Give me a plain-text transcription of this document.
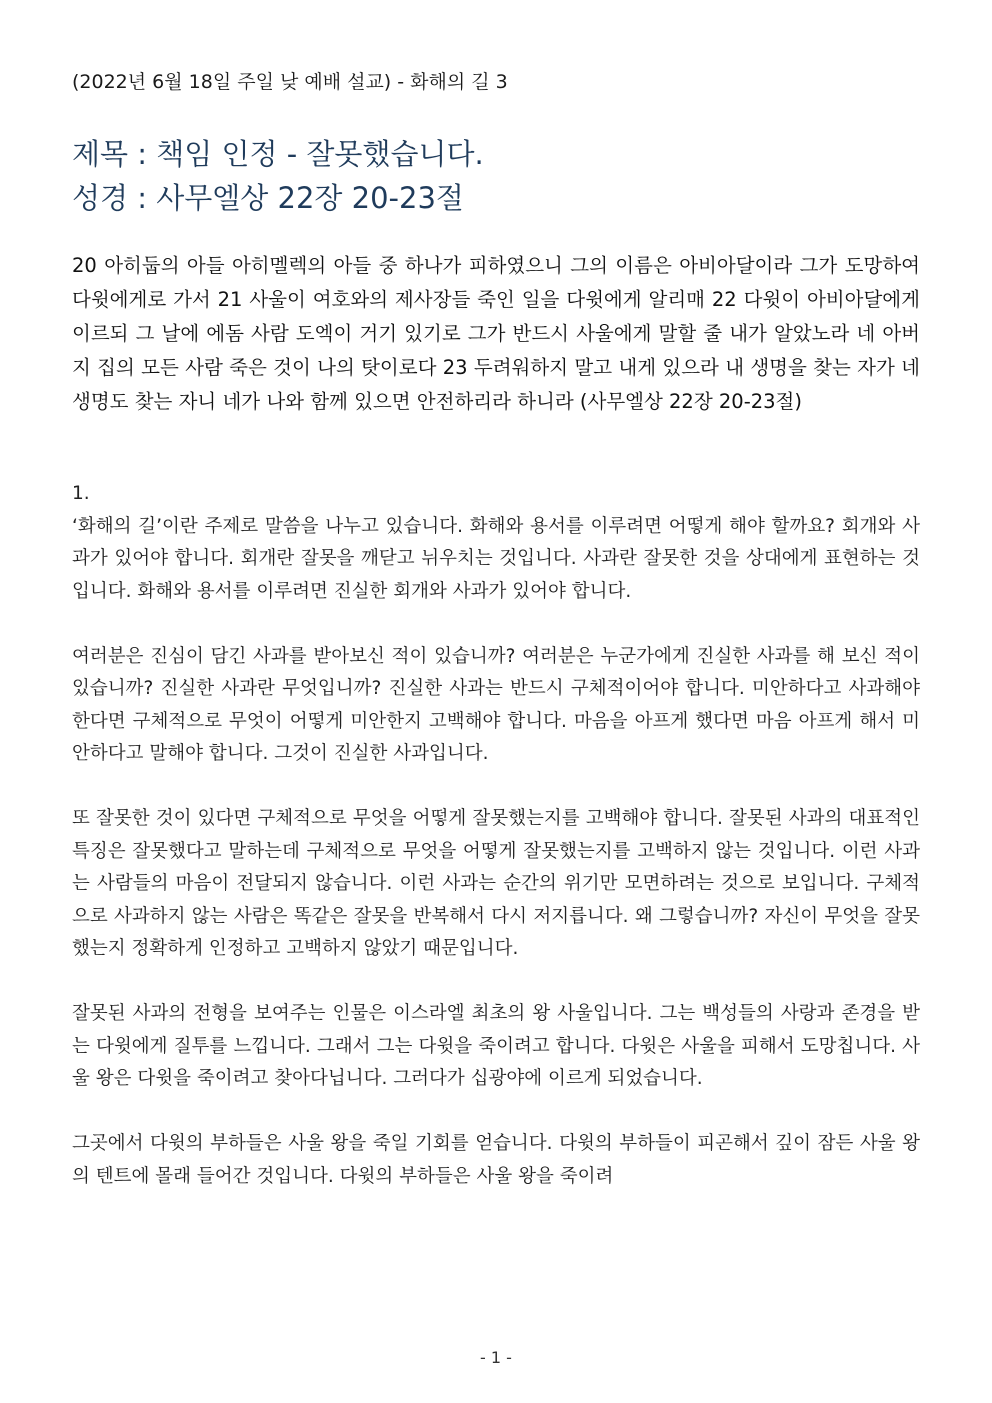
(2022년 6월 18일 주일 낮 예배 설교) - 화해의 길 3
제목 : 책임 인정 - 잘못했습니다.
성경 : 사무엘상 22장 20-23절
20 아히둡의 아들 아히멜렉의 아들 중 하나가 피하였으니 그의 이름은 아비아달이라 그가 도망하여 다윗에게로 가서 21 사울이 여호와의 제사장들 죽인 일을 다윗에게 알리매 22 다윗이 아비아달에게 이르되 그 날에 에돔 사람 도엑이 거기 있기로 그가 반드시 사울에게 말할 줄 내가 알았노라 네 아버지 집의 모든 사람 죽은 것이 나의 탓이로다 23 두려워하지 말고 내게 있으라 내 생명을 찾는 자가 네 생명도 찾는 자니 네가 나와 함께 있으면 안전하리라 하니라 (사무엘상 22장 20-23절)

1.

‘화해의 길’이란 주제로 말씀을 나누고 있습니다. 화해와 용서를 이루려면 어떻게 해야 할까요? 회개와 사과가 있어야 합니다. 회개란 잘못을 깨닫고 뉘우치는 것입니다. 사과란 잘못한 것을 상대에게 표현하는 것입니다. 화해와 용서를 이루려면 진실한 회개와 사과가 있어야 합니다.

여러분은 진심이 담긴 사과를 받아보신 적이 있습니까? 여러분은 누군가에게 진실한 사과를 해 보신 적이 있습니까? 진실한 사과란 무엇입니까? 진실한 사과는 반드시 구체적이어야 합니다. 미안하다고 사과해야 한다면 구체적으로 무엇이 어떻게 미안한지 고백해야 합니다. 마음을 아프게 했다면 마음 아프게 해서 미안하다고 말해야 합니다. 그것이 진실한 사과입니다.

또 잘못한 것이 있다면 구체적으로 무엇을 어떻게 잘못했는지를 고백해야 합니다. 잘못된 사과의 대표적인 특징은 잘못했다고 말하는데 구체적으로 무엇을 어떻게 잘못했는지를 고백하지 않는 것입니다. 이런 사과는 사람들의 마음이 전달되지 않습니다. 이런 사과는 순간의 위기만 모면하려는 것으로 보입니다. 구체적으로 사과하지 않는 사람은 똑같은 잘못을 반복해서 다시 저지릅니다. 왜 그렇습니까? 자신이 무엇을 잘못했는지 정확하게 인정하고 고백하지 않았기 때문입니다.

잘못된 사과의 전형을 보여주는 인물은 이스라엘 최초의 왕 사울입니다. 그는 백성들의 사랑과 존경을 받는 다윗에게 질투를 느낍니다. 그래서 그는 다윗을 죽이려고 합니다. 다윗은 사울을 피해서 도망칩니다. 사울 왕은 다윗을 죽이려고 찾아다닙니다. 그러다가 십광야에 이르게 되었습니다.

그곳에서 다윗의 부하들은 사울 왕을 죽일 기회를 얻습니다. 다윗의 부하들이 피곤해서 깊이 잠든 사울 왕의 텐트에 몰래 들어간 것입니다. 다윗의 부하들은 사울 왕을 죽이려

- 1 -
